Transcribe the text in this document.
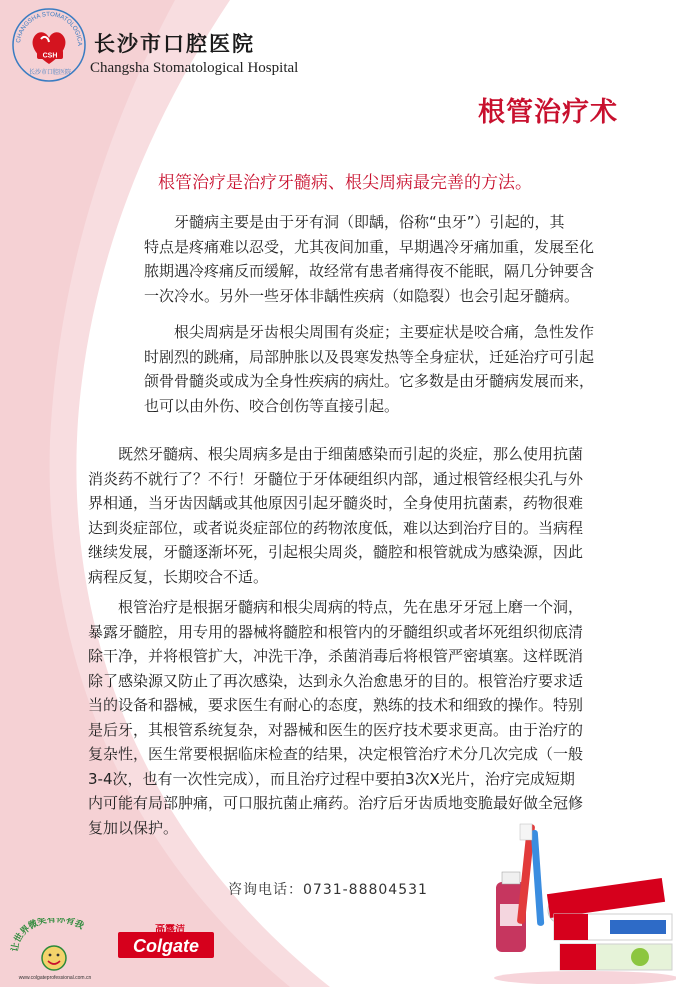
CHANGSHA STOMATOLOGICA
CSH
长沙市口腔医院
长沙市口腔医院
Changsha Stomatological Hospital
根管治疗术
根管治疗是治疗牙髓病、根尖周病最完善的方法。
牙髓病主要是由于牙有洞（即龋，俗称“虫牙”）引起的，其
特点是疼痛难以忍受，尤其夜间加重，早期遇冷牙痛加重，发展至化
脓期遇冷疼痛反而缓解，故经常有患者痛得夜不能眠，隔几分钟要含
一次冷水。另外一些牙体非龋性疾病（如隐裂）也会引起牙髓病。
根尖周病是牙齿根尖周围有炎症；主要症状是咬合痛，急性发作
时剧烈的跳痛，局部肿胀以及畏寒发热等全身症状，迁延治疗可引起
颌骨骨髓炎或成为全身性疾病的病灶。它多数是由牙髓病发展而来，
也可以由外伤、咬合创伤等直接引起。
既然牙髓病、根尖周病多是由于细菌感染而引起的炎症，那么使用抗菌
消炎药不就行了？不行！牙髓位于牙体硬组织内部，通过根管经根尖孔与外
界相通，当牙齿因龋或其他原因引起牙髓炎时，全身使用抗菌素，药物很难
达到炎症部位，或者说炎症部位的药物浓度低，难以达到治疗目的。当病程
继续发展，牙髓逐渐坏死，引起根尖周炎，髓腔和根管就成为感染源，因此
病程反复，长期咬合不适。
根管治疗是根据牙髓病和根尖周病的特点，先在患牙牙冠上磨一个洞，
暴露牙髓腔，用专用的器械将髓腔和根管内的牙髓组织或者坏死组织彻底清
除干净，并将根管扩大，冲洗干净，杀菌消毒后将根管严密填塞。这样既消
除了感染源又防止了再次感染，达到永久治愈患牙的目的。根管治疗要求适
当的设备和器械，要求医生有耐心的态度，熟练的技术和细致的操作。特别
是后牙，其根管系统复杂，对器械和医生的医疗技术要求更高。由于治疗的
复杂性，医生常要根据临床检查的结果，决定根管治疗术分几次完成（一般
3-4次，也有一次性完成），而且治疗过程中要拍3次X光片，治疗完成短期
内可能有局部肿痛，可口服抗菌止痛药。治疗后牙齿质地变脆最好做全冠修
复加以保护。
咨询电话：0731-88804531
让世界微笑有你有我
www.colgateprofessional.com.cn
高露洁
Colgate
